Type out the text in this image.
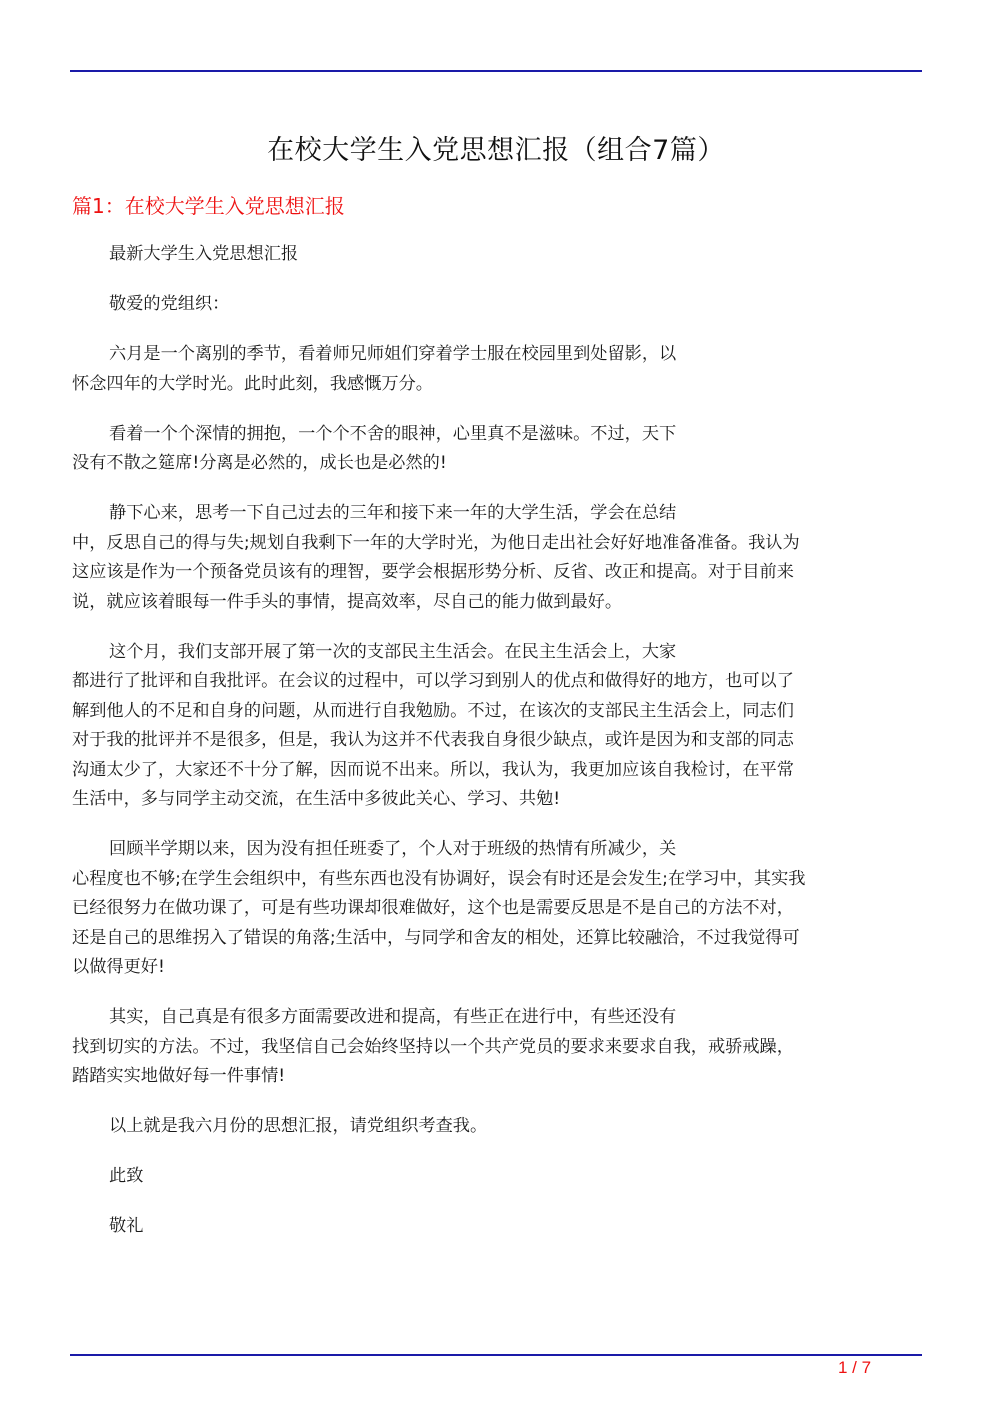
在校大学生入党思想汇报（组合7篇）
篇1：在校大学生入党思想汇报

最新大学生入党思想汇报

敬爱的党组织：

六月是一个离别的季节，看着师兄师姐们穿着学士服在校园里到处留影，以
怀念四年的大学时光。此时此刻，我感慨万分。

看着一个个深情的拥抱，一个个不舍的眼神，心里真不是滋味。不过，天下
没有不散之筵席!分离是必然的，成长也是必然的!

静下心来，思考一下自己过去的三年和接下来一年的大学生活，学会在总结
中，反思自己的得与失;规划自我剩下一年的大学时光，为他日走出社会好好地准备准备。我认为
这应该是作为一个预备党员该有的理智，要学会根据形势分析、反省、改正和提高。对于目前来
说，就应该着眼每一件手头的事情，提高效率，尽自己的能力做到最好。

这个月，我们支部开展了第一次的支部民主生活会。在民主生活会上，大家
都进行了批评和自我批评。在会议的过程中，可以学习到别人的优点和做得好的地方，也可以了
解到他人的不足和自身的问题，从而进行自我勉励。不过，在该次的支部民主生活会上，同志们
对于我的批评并不是很多，但是，我认为这并不代表我自身很少缺点，或许是因为和支部的同志
沟通太少了，大家还不十分了解，因而说不出来。所以，我认为，我更加应该自我检讨，在平常
生活中，多与同学主动交流，在生活中多彼此关心、学习、共勉!

回顾半学期以来，因为没有担任班委了，个人对于班级的热情有所减少，关
心程度也不够;在学生会组织中，有些东西也没有协调好，误会有时还是会发生;在学习中，其实我
已经很努力在做功课了，可是有些功课却很难做好，这个也是需要反思是不是自己的方法不对，
还是自己的思维拐入了错误的角落;生活中，与同学和舍友的相处，还算比较融洽，不过我觉得可
以做得更好!

其实，自己真是有很多方面需要改进和提高，有些正在进行中，有些还没有
找到切实的方法。不过，我坚信自己会始终坚持以一个共产党员的要求来要求自我，戒骄戒躁，
踏踏实实地做好每一件事情!

以上就是我六月份的思想汇报，请党组织考查我。

此致

敬礼

1 / 7
